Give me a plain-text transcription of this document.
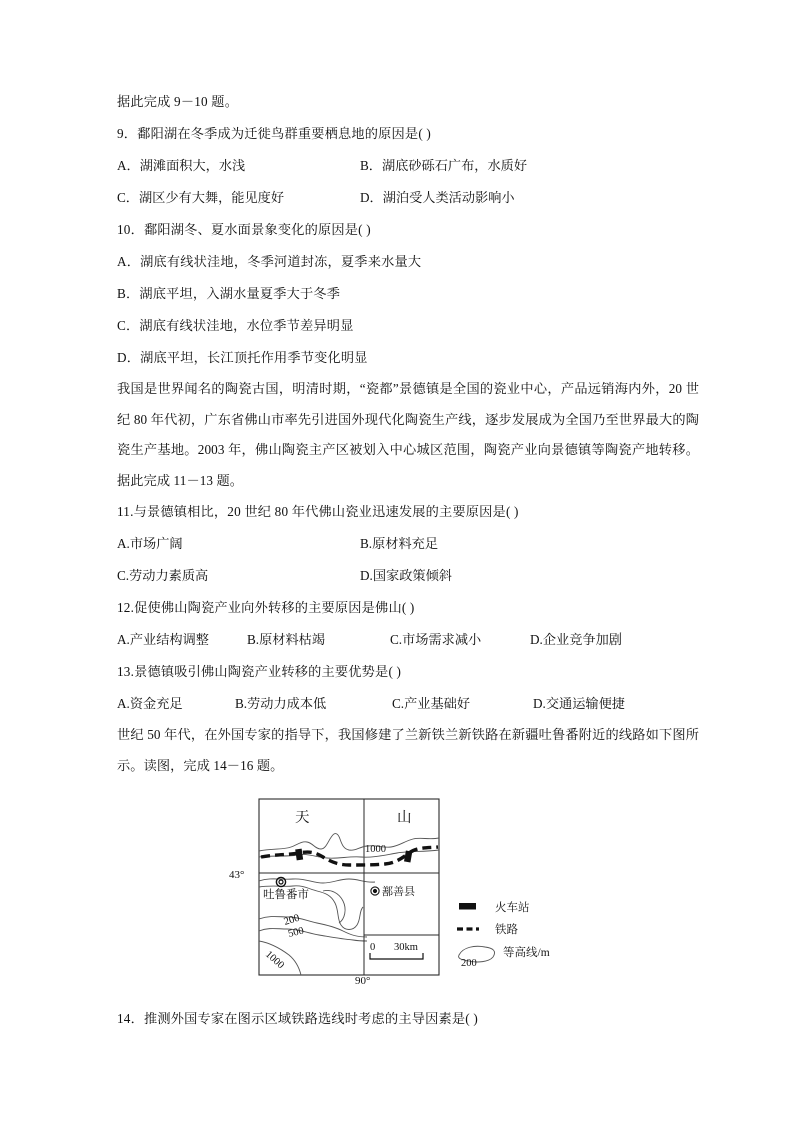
据此完成 9－10 题。
9．鄱阳湖在冬季成为迁徙鸟群重要栖息地的原因是( )
A．湖滩面积大，水浅	B．湖底砂砾石广布，水质好
C．湖区少有大舞，能见度好	D．湖泊受人类活动影响小
10．鄱阳湖冬、夏水面景象变化的原因是( )
A．湖底有线状洼地，冬季河道封冻，夏季来水量大
B．湖底平坦，入湖水量夏季大于冬季
C．湖底有线状洼地，水位季节差异明显
D．湖底平坦，长江顶托作用季节变化明显
我国是世界闻名的陶瓷古国，明清时期，“瓷都”景德镇是全国的瓷业中心，产品远销海内外，20 世纪 80 年代初，广东省佛山市率先引进国外现代化陶瓷生产线，逐步发展成为全国乃至世界最大的陶瓷生产基地。2003 年，佛山陶瓷主产区被划入中心城区范围，陶瓷产业向景德镇等陶瓷产地转移。据此完成 11－13 题。
11.与景德镇相比，20 世纪 80 年代佛山瓷业迅速发展的主要原因是( )
A.市场广阔	B.原材料充足
C.劳动力素质高	D.国家政策倾斜
12.促使佛山陶瓷产业向外转移的主要原因是佛山( )
A.产业结构调整	B.原材料枯竭	C.市场需求减小	D.企业竞争加剧
13.景德镇吸引佛山陶瓷产业转移的主要优势是( )
A.资金充足	B.劳动力成本低	C.产业基础好	D.交通运输便捷
世纪 50 年代，在外国专家的指导下，我国修建了兰新铁兰新铁路在新疆吐鲁番附近的线路如下图所示。读图，完成 14－16 题。
天	山
43°
90°
吐鲁番市	鄯善县
1000
200
500
1000
0 30km
火车站
铁路
200
等高线/m
14．推测外国专家在图示区域铁路选线时考虑的主导因素是( )
